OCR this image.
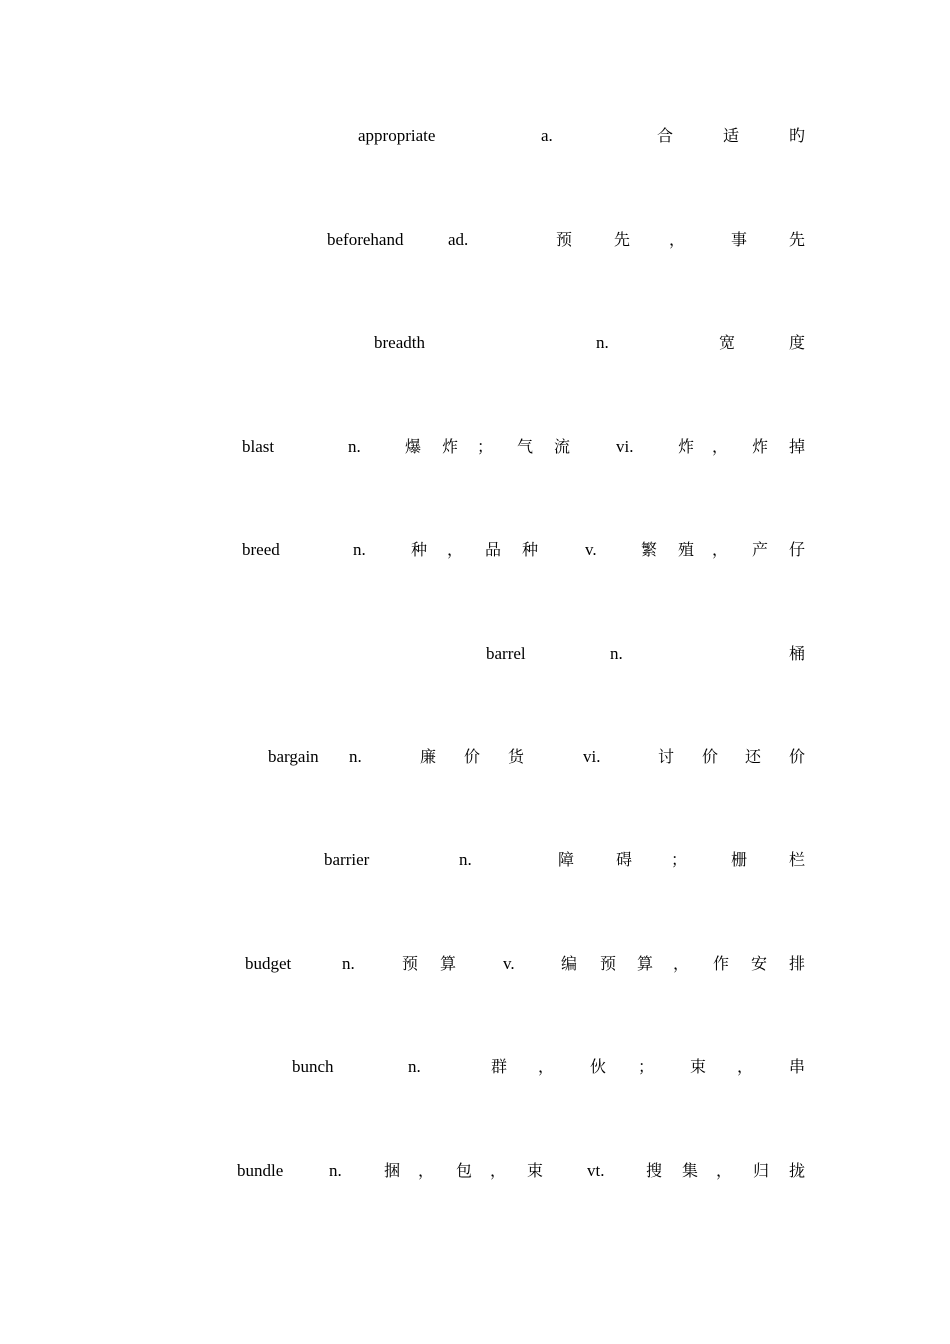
appropriate	a.	合	适	旳
beforehand	ad.	预	先 ，	事	先
breadth	n.	宽	度
blast	n.	爆 炸 ； 气 流	vi.	炸 ， 炸 掉
breed	n.	种 ， 品 种	v.	繁 殖 ， 产 仔
barrel	n.	桶
bargain n.	廉 价 货	vi.	讨 价 还 价
barrier	n.	障	碍 ；	栅	栏
budget	n.	预 算	v.	编 预 算 ， 作 安 排
bunch	n.	群 ， 伙 ； 束 ， 串
bundle	n.	捆 ， 包 ， 束	vt.	搜 集 ， 归 拢
